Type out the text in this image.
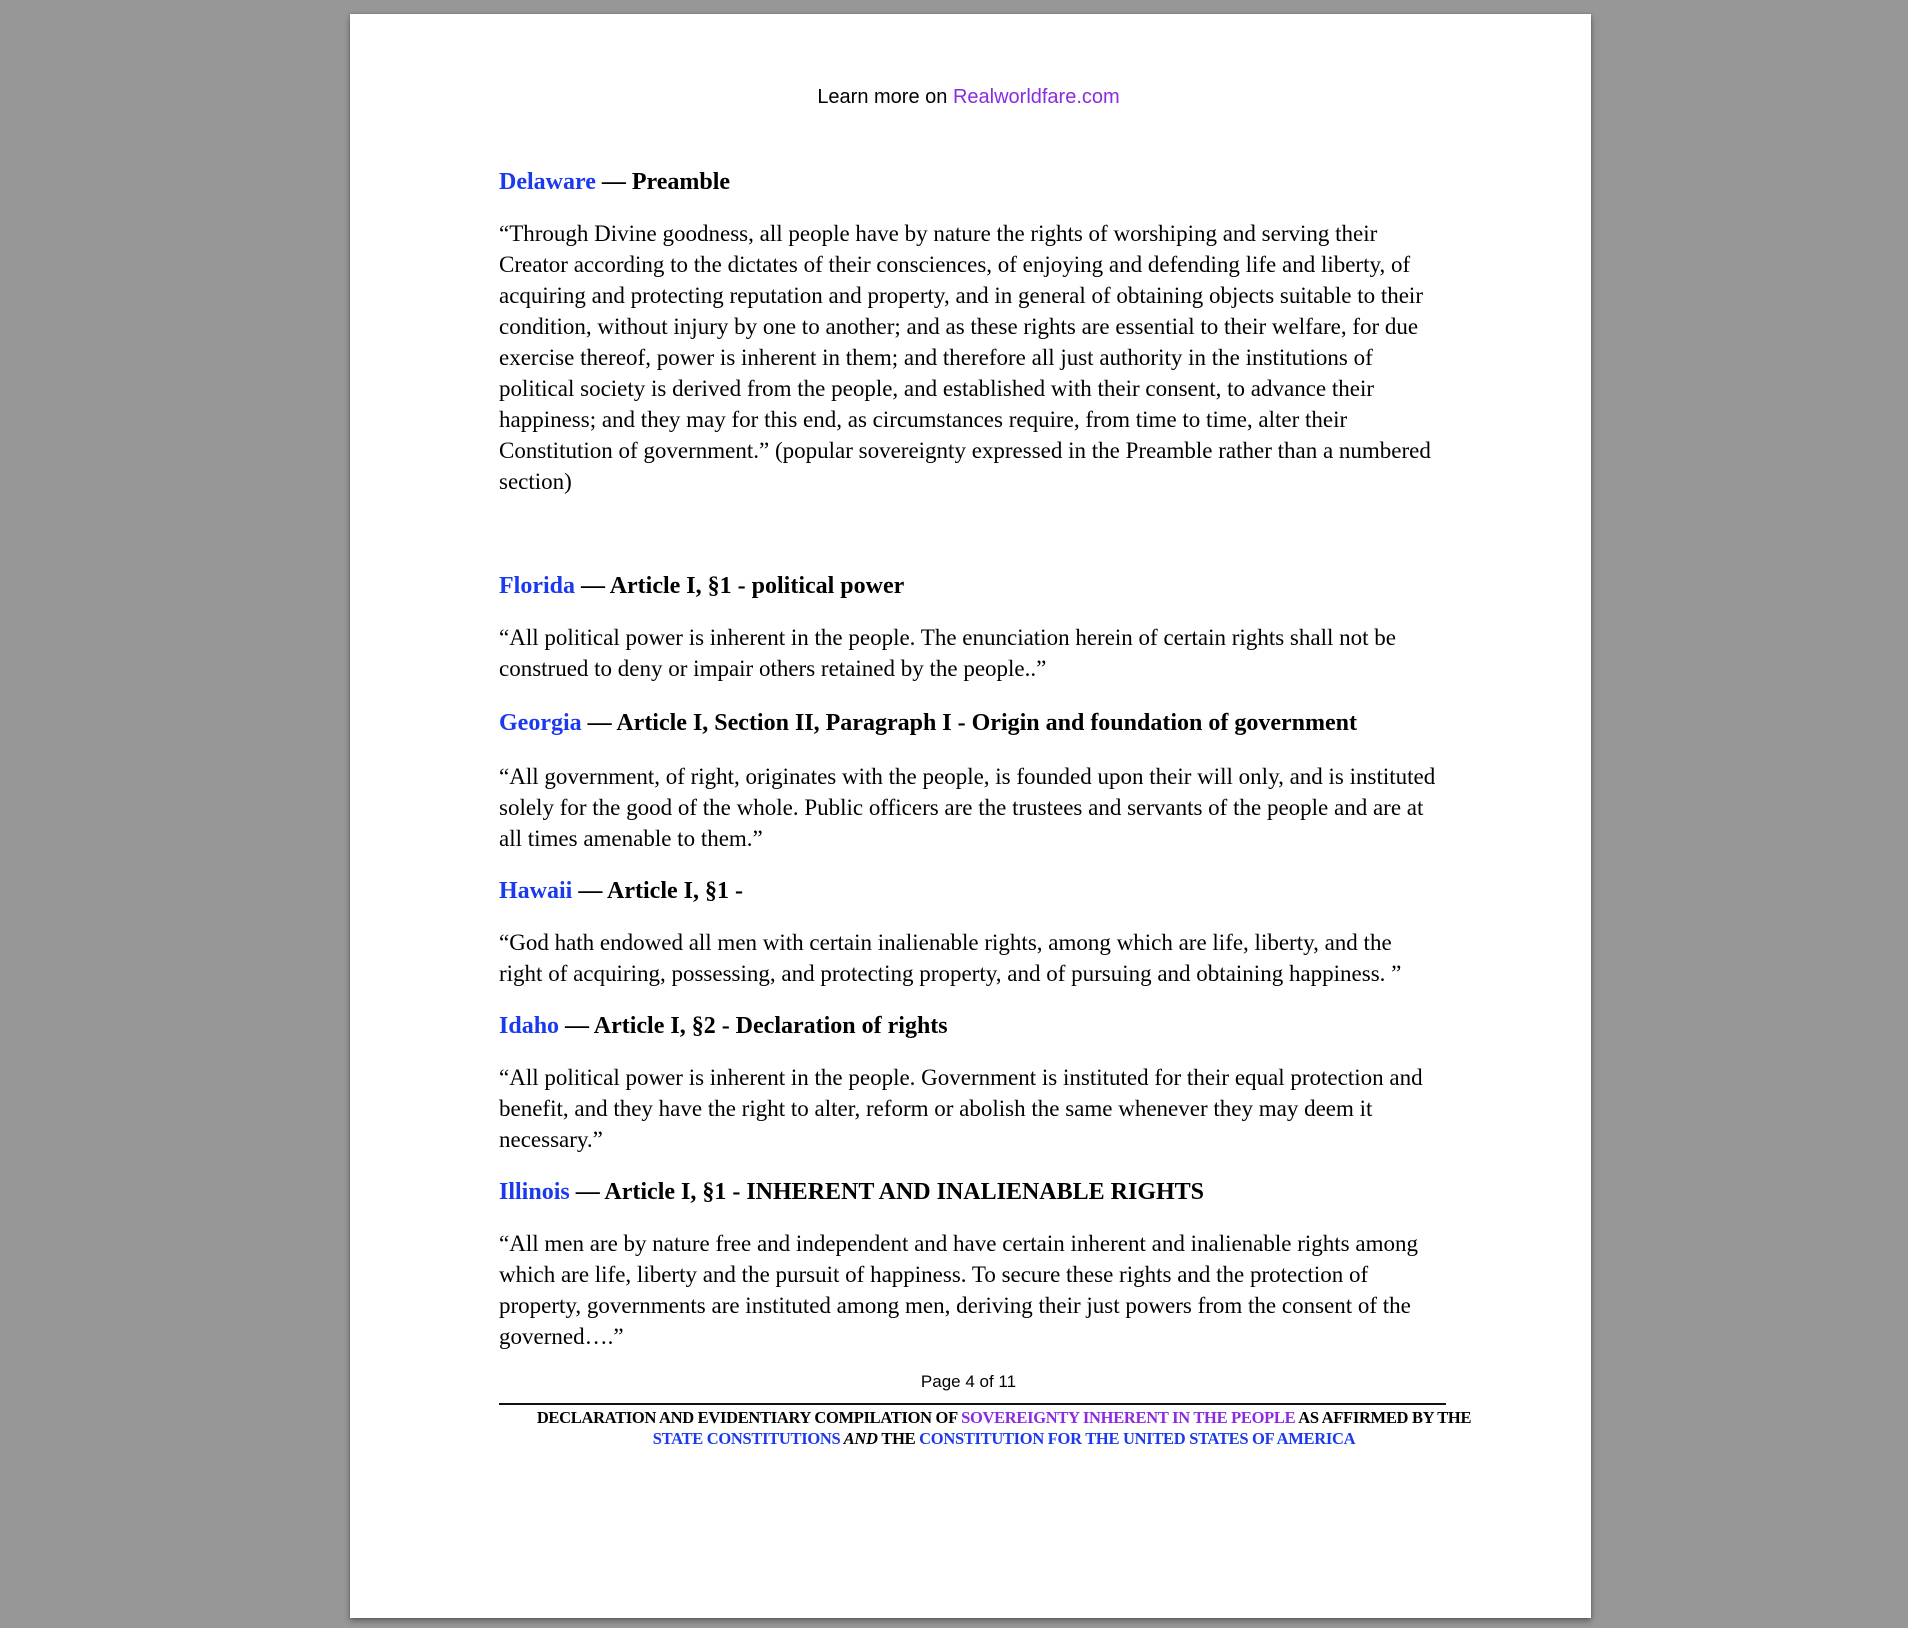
Learn more on Realworldfare.com
Delaware — Preamble

“Through Divine goodness, all people have by nature the rights of worshiping and serving their Creator according to the dictates of their consciences, of enjoying and defending life and liberty, of acquiring and protecting reputation and property, and in general of obtaining objects suitable to their condition, without injury by one to another; and as these rights are essential to their welfare, for due exercise thereof, power is inherent in them; and therefore all just authority in the institutions of political society is derived from the people, and established with their consent, to advance their happiness; and they may for this end, as circumstances require, from time to time, alter their Constitution of government.” (popular sovereignty expressed in the Preamble rather than a numbered section)

Florida — Article I, §1 - political power

“All political power is inherent in the people. The enunciation herein of certain rights shall not be construed to deny or impair others retained by the people..”

Georgia — Article I, Section II, Paragraph I - Origin and foundation of government

“All government, of right, originates with the people, is founded upon their will only, and is instituted solely for the good of the whole. Public officers are the trustees and servants of the people and are at all times amenable to them.”

Hawaii — Article I, §1 -

“God hath endowed all men with certain inalienable rights, among which are life, liberty, and the right of acquiring, possessing, and protecting property, and of pursuing and obtaining happiness. ”

Idaho — Article I, §2 - Declaration of rights

“All political power is inherent in the people. Government is instituted for their equal protection and benefit, and they have the right to alter, reform or abolish the same whenever they may deem it necessary.”

Illinois — Article I, §1 - INHERENT AND INALIENABLE RIGHTS

“All men are by nature free and independent and have certain inherent and inalienable rights among which are life, liberty and the pursuit of happiness. To secure these rights and the protection of property, governments are instituted among men, deriving their just powers from the consent of the governed….”

Page 4 of 11
DECLARATION AND EVIDENTIARY COMPILATION OF SOVEREIGNTY INHERENT IN THE PEOPLE AS AFFIRMED BY THE
STATE CONSTITUTIONS AND THE CONSTITUTION FOR THE UNITED STATES OF AMERICA
